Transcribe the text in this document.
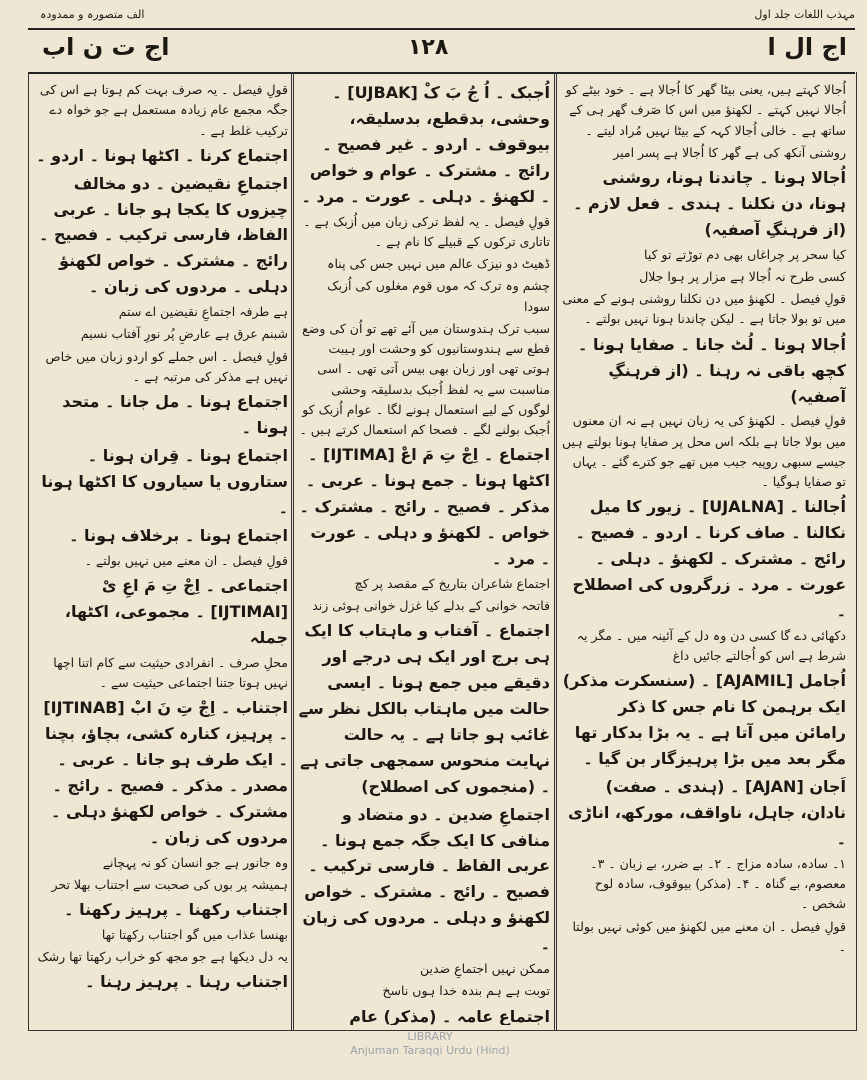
مہذب اللغات جلد اول
الف متصورہ و ممدودہ
اج ال ا
١٢٨
اج ت ن اب

اُجالا کہتے ہیں، یعنی بیٹا گھر کا اُجالا ہے ۔ خود بیٹے کو اُجالا نہیں کہتے ۔ لکھنؤ میں اس کا صَرف گھر ہی کے ساتھ ہے ۔ خالی اُجالا کہہ کے بیٹا نہیں مُراد لیتے ۔

روشنی آنکھ کی ہے گھر کا اُجالا ہے پسر امیر

اُجالا ہونا ۔ چاندنا ہونا، روشنی ہونا، دن نکلنا ۔ ہندی ۔ فعل لازم ۔ (از فرہنگِ آصفیہ)

کیا سحر پر چراغاں بھی دم توڑتے تو کیا

کسی طرح نہ اُجالا ہے مزار پر ہوا جلال

قولِ فیصل ۔ لکھنؤ میں دن نکلنا روشنی ہونے کے معنی میں تو بولا جاتا ہے ۔ لیکن چاندنا ہونا نہیں بولتے ۔

اُجالا ہونا ۔ لُٹ جانا ۔ صفایا ہونا ۔ کچھ باقی نہ رہنا ۔ (از فرہنگِ آصفیہ)

قولِ فیصل ۔ لکھنؤ کی یہ زبان نہیں ہے نہ ان معنوں میں بولا جاتا ہے بلکہ اس محل پر صفایا ہونا بولتے ہیں جیسے سبھی روپیہ جیب میں تھے جو کترے گئے ۔ یہاں تو صفایا ہوگیا ۔

اُجالنا ۔ [UJALNA] ۔ زیور کا میل نکالنا ۔ صاف کرنا ۔ اردو ۔ فصیح ۔ رائج ۔ مشترک ۔ لکھنؤ ۔ دہلی ۔ عورت ۔ مرد ۔ زرگروں کی اصطلاح ۔

دکھائی دے گا کسی دن وہ دل کے آئینہ میں ۔ مگر یہ شرط ہے اس کو اُجالتے جائیں داغ

اُجامل [AJAMIL] ۔ (سنسکرت مذکر) ایک برہمن کا نام جس کا ذکر رامائن میں آتا ہے ۔ یہ بڑا بدکار تھا مگر بعد میں بڑا پرہیزگار بن گیا ۔

اَجان [AJAN] ۔ (ہندی ۔ صفت) نادان، جاہل، ناواقف، مورکھ، اناڑی ۔

۱۔ سادہ، سادہ مزاج ۔ ۲۔ بے ضرر، بے زبان ۔ ۳۔ معصوم، بے گناہ ۔ ۴۔ (مذکر) بیوقوف، سادہ لوح شخص ۔

قولِ فیصل ۔ ان معنے میں لکھنؤ میں کوئی نہیں بولتا ۔

اُجبک ۔ اُ جُ بَ کْ [UJBAK] ۔ وحشی، بدقطع، بدسلیقہ، بیوقوف ۔ اردو ۔ غیر فصیح ۔ رائج ۔ مشترک ۔ عوام و خواص ۔ لکھنؤ ۔ دہلی ۔ عورت ۔ مرد ۔

قولِ فیصل ۔ یہ لفظ ترکی زبان میں اُزبک ہے ۔ تاتاری ترکوں کے قبیلے کا نام ہے ۔

ڈھیٹ دو نیزک عالم میں نہیں جس کی پناہ

چشم وہ ترک کہ موں قوم مغلوں کی اُزبک سودا

سبب ترک ہندوستان میں آئے تھے تو اُن کی وضع قطع سے ہندوستانیوں کو وحشت اور ہیبت ہوتی تھی اور زبان بھی بیس آتی تھی ۔ اسی مناسبت سے یہ لفظ اُجبک بدسلیقہ وحشی لوگوں کے لیے استعمال ہونے لگا ۔ عوام اُزبک کو اُجبک بولنے لگے ۔ فصحا کم استعمال کرتے ہیں ۔

اجتماع ۔ اِجْ تِ مَ اعْ [IJTIMA] ۔ اکٹھا ہونا ۔ جمع ہونا ۔ عربی ۔ مذکر ۔ فصیح ۔ رائج ۔ مشترک ۔ خواص ۔ لکھنؤ و دہلی ۔ عورت ۔ مرد ۔

اجتماع شاعران بتاریخ کے مقصد پر کچ

فاتحہ خوانی کے بدلے کیا غزل خوانی ہوئی زند

اجتماع ۔ آفتاب و ماہتاب کا ایک ہی برج اور ایک ہی درجے اور دقیقے میں جمع ہونا ۔ ایسی حالت میں ماہتاب بالکل نظر سے غائب ہو جاتا ہے ۔ یہ حالت نہایت منحوس سمجھی جاتی ہے ۔ (منجموں کی اصطلاح)

اجتماعِ ضدین ۔ دو متضاد و منافی کا ایک جگہ جمع ہونا ۔ عربی الفاظ ۔ فارسی ترکیب ۔ فصیح ۔ رائج ۔ مشترک ۔ خواص لکھنؤ و دہلی ۔ مردوں کی زبان ۔

ممکن نہیں اجتماعِ ضدین

توبت ہے ہم بندہ خدا ہوں ناسخ

اجتماعِ عامہ ۔ (مذکر) عام

قولِ فیصل ۔ یہ صرف بہت کم ہوتا ہے اس کی جگہ مجمع عام زیادہ مستعمل ہے جو خواہ دے ترکیب غلط ہے ۔

اجتماع کرنا ۔ اکٹھا ہونا ۔ اردو ۔

اجتماعِ نقیضین ۔ دو مخالف چیزوں کا یکجا ہو جانا ۔ عربی الفاظ، فارسی ترکیب ۔ فصیح ۔ رائج ۔ مشترک ۔ خواص لکھنؤ دہلی ۔ مردوں کی زبان ۔

ہے طرفہ اجتماعِ نقیضین اے ستم

شبنم عرق ہے عارضِ پُر نورِ آفتاب نسیم

قولِ فیصل ۔ اس جملے کو اردو زبان میں خاص نہیں ہے مذکر کی مرتبہ ہے ۔

اجتماع ہونا ۔ مل جانا ۔ متحد ہونا ۔

اجتماع ہونا ۔ قِران ہونا ۔ ستاروں یا سیاروں کا اکٹھا ہونا ۔

اجتماع ہونا ۔ برخلاف ہونا ۔

قولِ فیصل ۔ ان معنے میں نہیں بولتے ۔

اجتماعی ۔ اِجْ تِ مَ اعِ یْ [IJTIMAI] ۔ مجموعی، اکٹھا، جملہ

محلِ صرف ۔ انفرادی حیثیت سے کام اتنا اچھا نہیں ہوتا جتنا اجتماعی حیثیت سے ۔

اجتناب ۔ اِجْ تِ نَ ابْ [IJTINAB] ۔ پرہیز، کنارہ کشی، بچاؤ، بچنا ۔ ایک طرف ہو جانا ۔ عربی ۔ مصدر ۔ مذکر ۔ فصیح ۔ رائج ۔ مشترک ۔ خواص لکھنؤ دہلی ۔ مردوں کی زبان ۔

وہ جانور ہے جو انسان کو نہ پہچانے

ہمیشہ پر بوں کی صحبت سے اجتناب بھلا تحر

اجتناب رکھنا ۔ پرہیز رکھنا ۔

بھنسا عذاب میں گو اجتناب رکھتا تھا

یہ دل دیکھا ہے جو مجھ کو خراب رکھتا تھا رشک

اجتناب رہنا ۔ پرہیز رہنا ۔

LIBRARY
Anjuman Taraqqi Urdu (Hind)
